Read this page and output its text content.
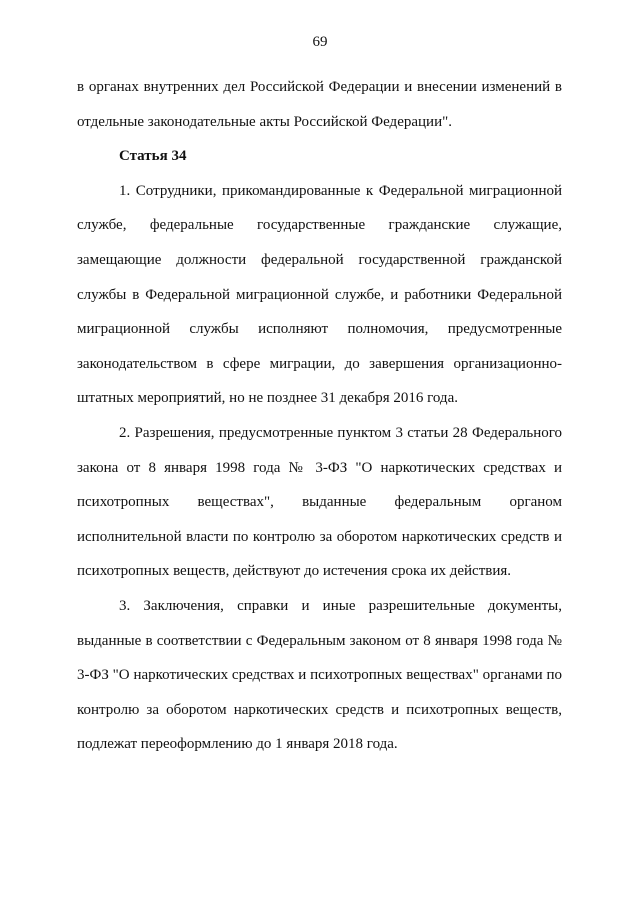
69

в органах внутренних дел Российской Федерации и внесении изменений в отдельные законодательные акты Российской Федерации".

Статья 34

1. Сотрудники, прикомандированные к Федеральной миграционной службе, федеральные государственные гражданские служащие, замещающие должности федеральной государственной гражданской службы в Федеральной миграционной службе, и работники Федеральной миграционной службы исполняют полномочия, предусмотренные законодательством в сфере миграции, до завершения организационно-штатных мероприятий, но не позднее 31 декабря 2016 года.

2. Разрешения, предусмотренные пунктом 3 статьи 28 Федерального закона от 8 января 1998 года № 3-ФЗ "О наркотических средствах и психотропных веществах", выданные федеральным органом исполнительной власти по контролю за оборотом наркотических средств и психотропных веществ, действуют до истечения срока их действия.

3. Заключения, справки и иные разрешительные документы, выданные в соответствии с Федеральным законом от 8 января 1998 года № 3-ФЗ "О наркотических средствах и психотропных веществах" органами по контролю за оборотом наркотических средств и психотропных веществ, подлежат переоформлению до 1 января 2018 года.
